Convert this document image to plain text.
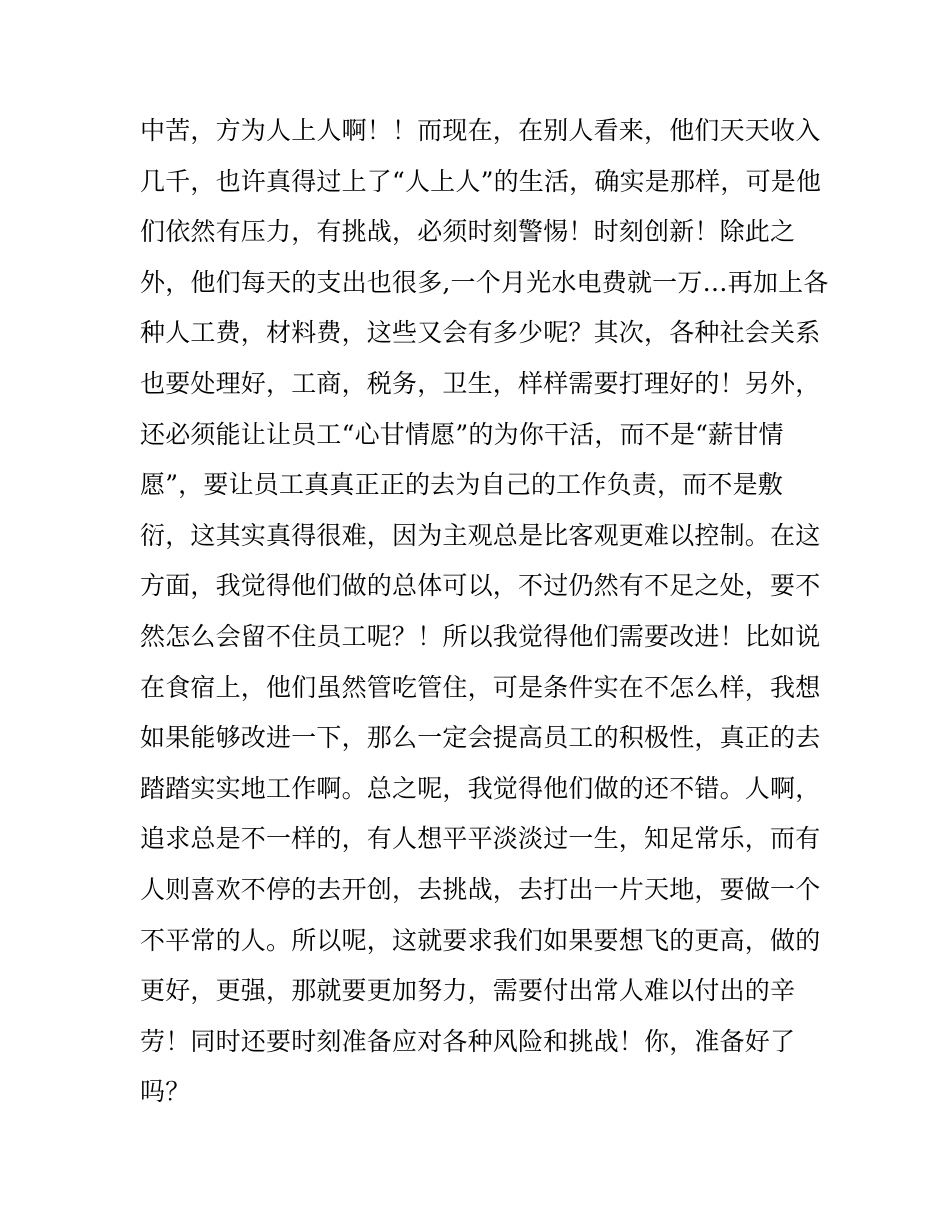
中苦，方为人上人啊！！而现在，在别人看来，他们天天收入
几千，也许真得过上了“人上人”的生活，确实是那样，可是他
们依然有压力，有挑战，必须时刻警惕！时刻创新！除此之
外，他们每天的支出也很多,一个月光水电费就一万…再加上各
种人工费，材料费，这些又会有多少呢？其次，各种社会关系
也要处理好，工商，税务，卫生，样样需要打理好的！另外，
还必须能让让员工“心甘情愿”的为你干活，而不是“薪甘情
愿”，要让员工真真正正的去为自己的工作负责，而不是敷
衍，这其实真得很难，因为主观总是比客观更难以控制。在这
方面，我觉得他们做的总体可以，不过仍然有不足之处，要不
然怎么会留不住员工呢？！所以我觉得他们需要改进！比如说
在食宿上，他们虽然管吃管住，可是条件实在不怎么样，我想
如果能够改进一下，那么一定会提高员工的积极性，真正的去
踏踏实实地工作啊。总之呢，我觉得他们做的还不错。人啊，
追求总是不一样的，有人想平平淡淡过一生，知足常乐，而有
人则喜欢不停的去开创，去挑战，去打出一片天地，要做一个
不平常的人。所以呢，这就要求我们如果要想飞的更高，做的
更好，更强，那就要更加努力，需要付出常人难以付出的辛
劳！同时还要时刻准备应对各种风险和挑战！你，准备好了
吗？
